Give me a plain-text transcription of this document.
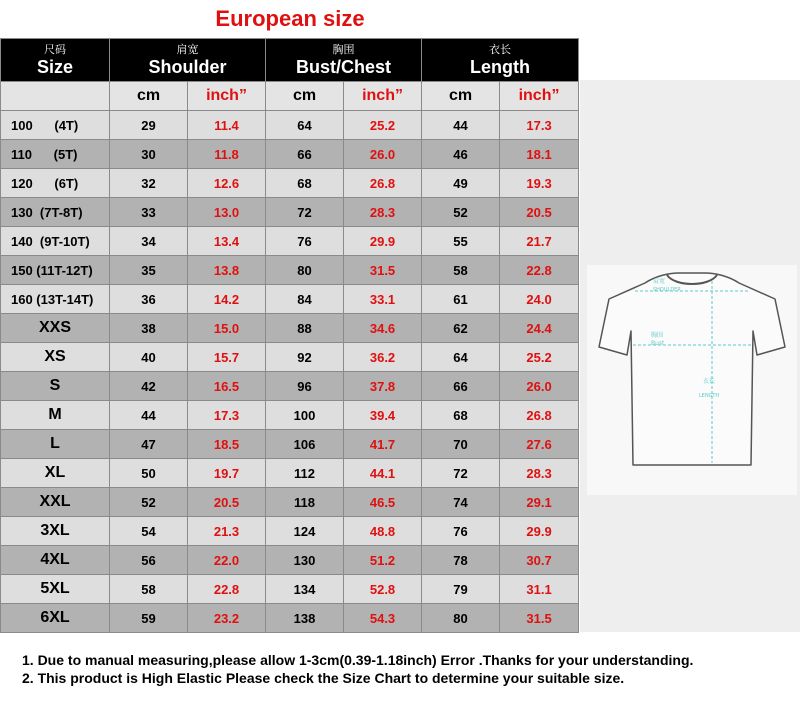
European size
尺码
Size	肩宽
Shoulder		胸围
Bust/Chest		衣长
Length	

	cm	inch”	cm	inch”	cm	inch”
100      (4T)	29	11.4	64	25.2	44	17.3
110      (5T)	30	11.8	66	26.0	46	18.1
120      (6T)	32	12.6	68	26.8	49	19.3
130  (7T-8T)	33	13.0	72	28.3	52	20.5
140  (9T-10T)	34	13.4	76	29.9	55	21.7
150 (11T-12T)	35	13.8	80	31.5	58	22.8
160 (13T-14T)	36	14.2	84	33.1	61	24.0
XXS	38	15.0	88	34.6	62	24.4
XS	40	15.7	92	36.2	64	25.2
S	42	16.5	96	37.8	66	26.0
M	44	17.3	100	39.4	68	26.8
L	47	18.5	106	41.7	70	27.6
XL	50	19.7	112	44.1	72	28.3
XXL	52	20.5	118	46.5	74	29.1
3XL	54	21.3	124	48.8	76	29.9
4XL	56	22.0	130	51.2	78	30.7
5XL	58	22.8	134	52.8	79	31.1
6XL	59	23.2	138	54.3	80	31.5
肩宽
SHOULDER
胸围
Bust
衣长
LENGTH
1. Due to manual measuring,please allow 1-3cm(0.39-1.18inch) Error .Thanks for your understanding.
2. This product is High Elastic Please check the Size Chart to determine your suitable size.
